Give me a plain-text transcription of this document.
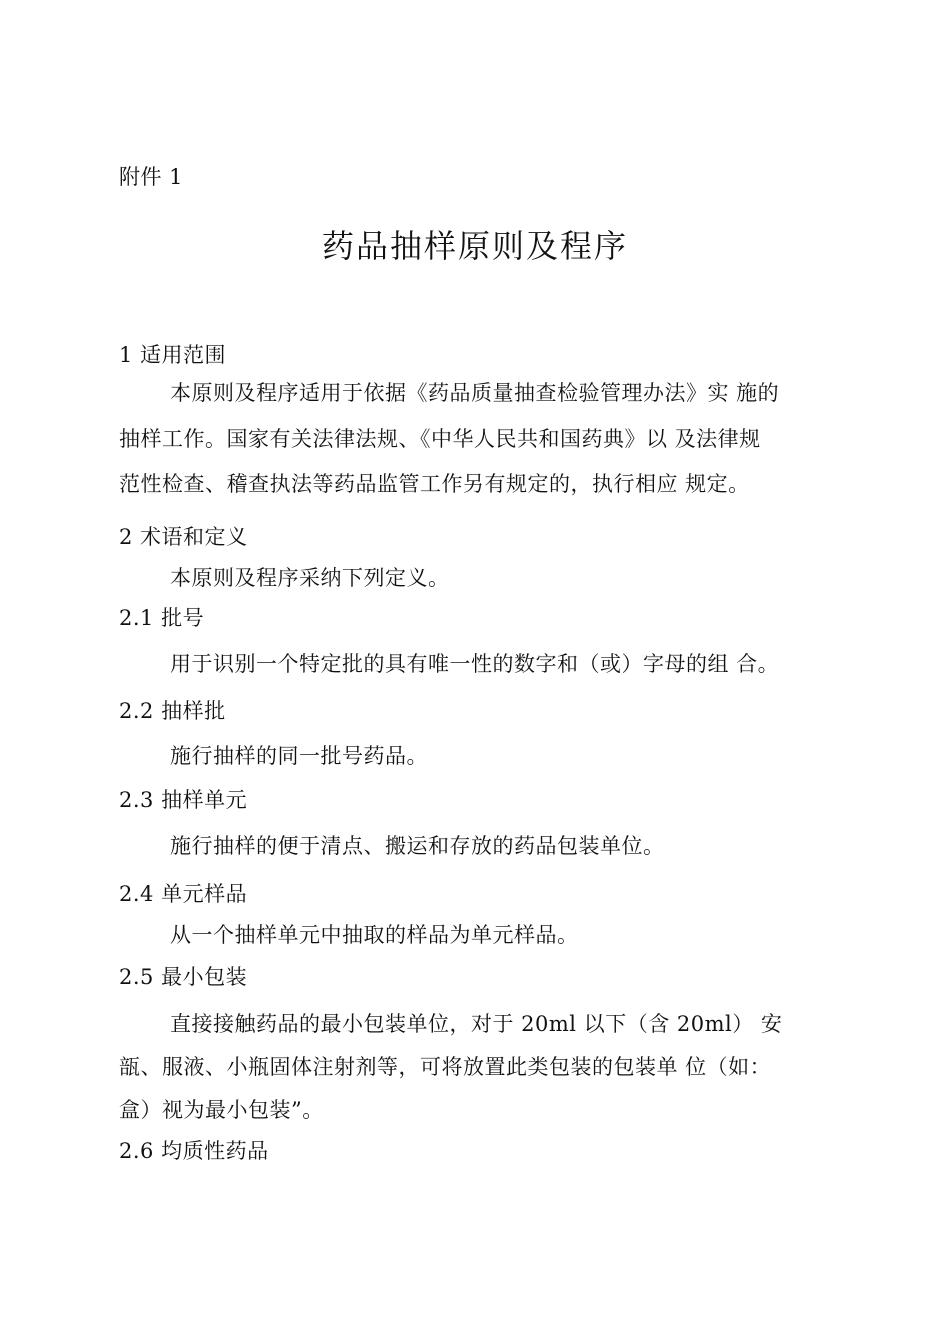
附件 1
药品抽样原则及程序
1 适用范围
本原则及程序适用于依据《药品质量抽查检验管理办法》实 施的
抽样工作。国家有关法律法规、《中华人民共和国药典》以 及法律规
范性检查、稽查执法等药品监管工作另有规定的，执行相应 规定。
2 术语和定义
本原则及程序采纳下列定义。
2.1 批号
用于识别一个特定批的具有唯一性的数字和（或）字母的组 合。
2.2 抽样批
施行抽样的同一批号药品。
2.3 抽样单元
施行抽样的便于清点、搬运和存放的药品包装单位。
2.4 单元样品
从一个抽样单元中抽取的样品为单元样品。
2.5 最小包装
直接接触药品的最小包装单位，对于 20ml 以下（含 20ml） 安
瓿、服液、小瓶固体注射剂等，可将放置此类包装的包装单 位（如：
盒）视为最小包装”。
2.6 均质性药品
